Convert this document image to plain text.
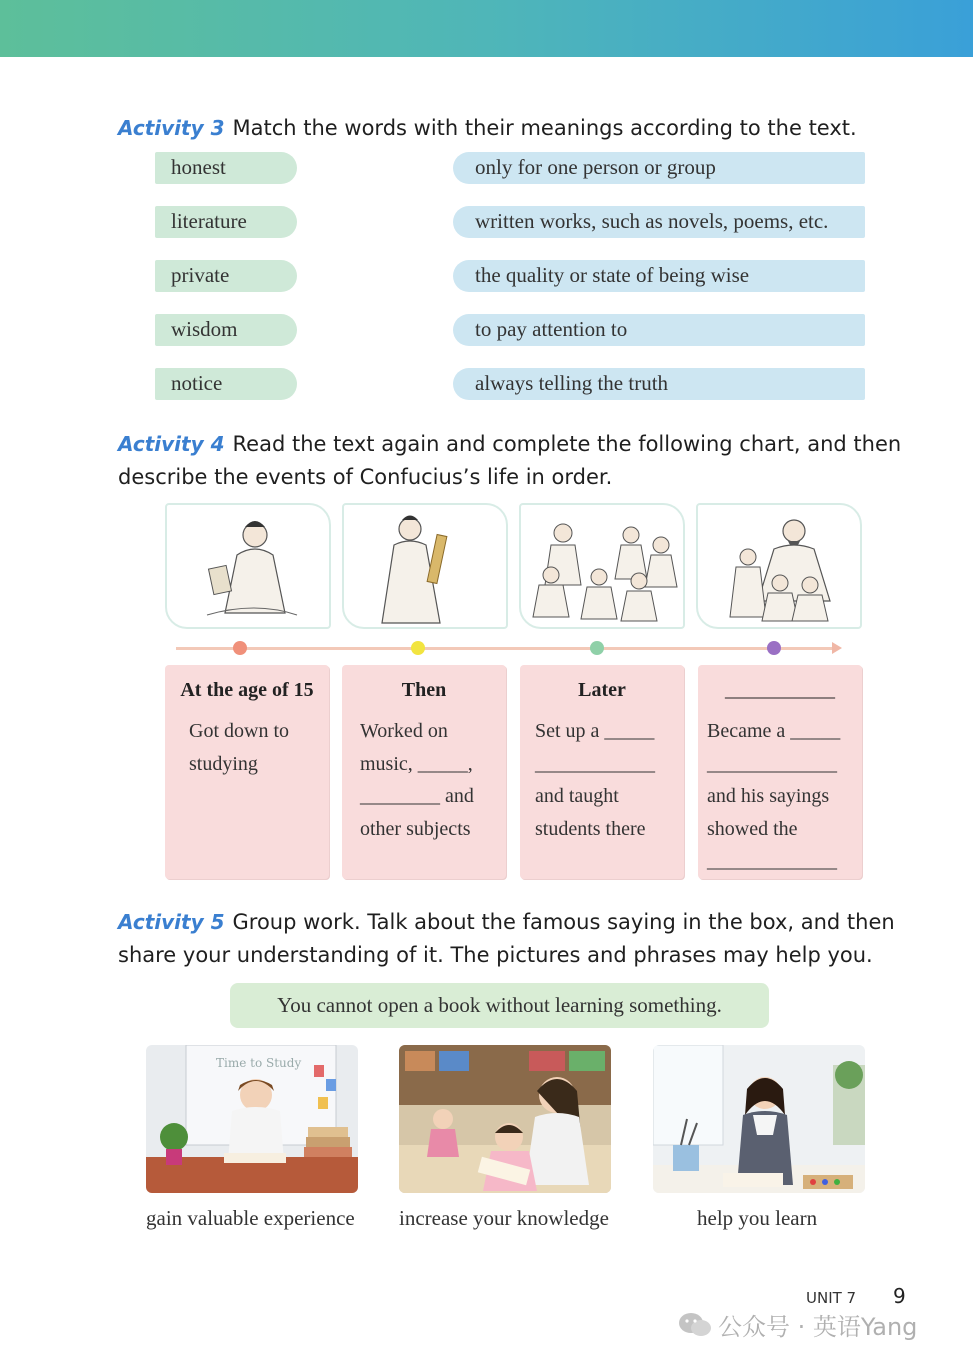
Activity 3 Match the words with their meanings according to the text.
honest
literature
private
wisdom
notice
only for one person or group
written works, such as novels, poems, etc.
the quality or state of being wise
to pay attention to
always telling the truth
Activity 4 Read the text again and complete the following chart, and then describe the events of Confucius’s life in order.
At the age of 15
Got down to
studying
Then
Worked on
music, _____,
________ and
other subjects
Later
Set up a _____
____________
and taught
students there
___________
Became a _____
_____________
and his sayings
showed the
_____________
Activity 5 Group work. Talk about the famous saying in the box, and then share your understanding of it. The pictures and phrases may help you.
You cannot open a book without learning something.
Time to Study
gain valuable experience increase your knowledge	help you learn
UNIT 7 9
公众号 · 英语Yang
